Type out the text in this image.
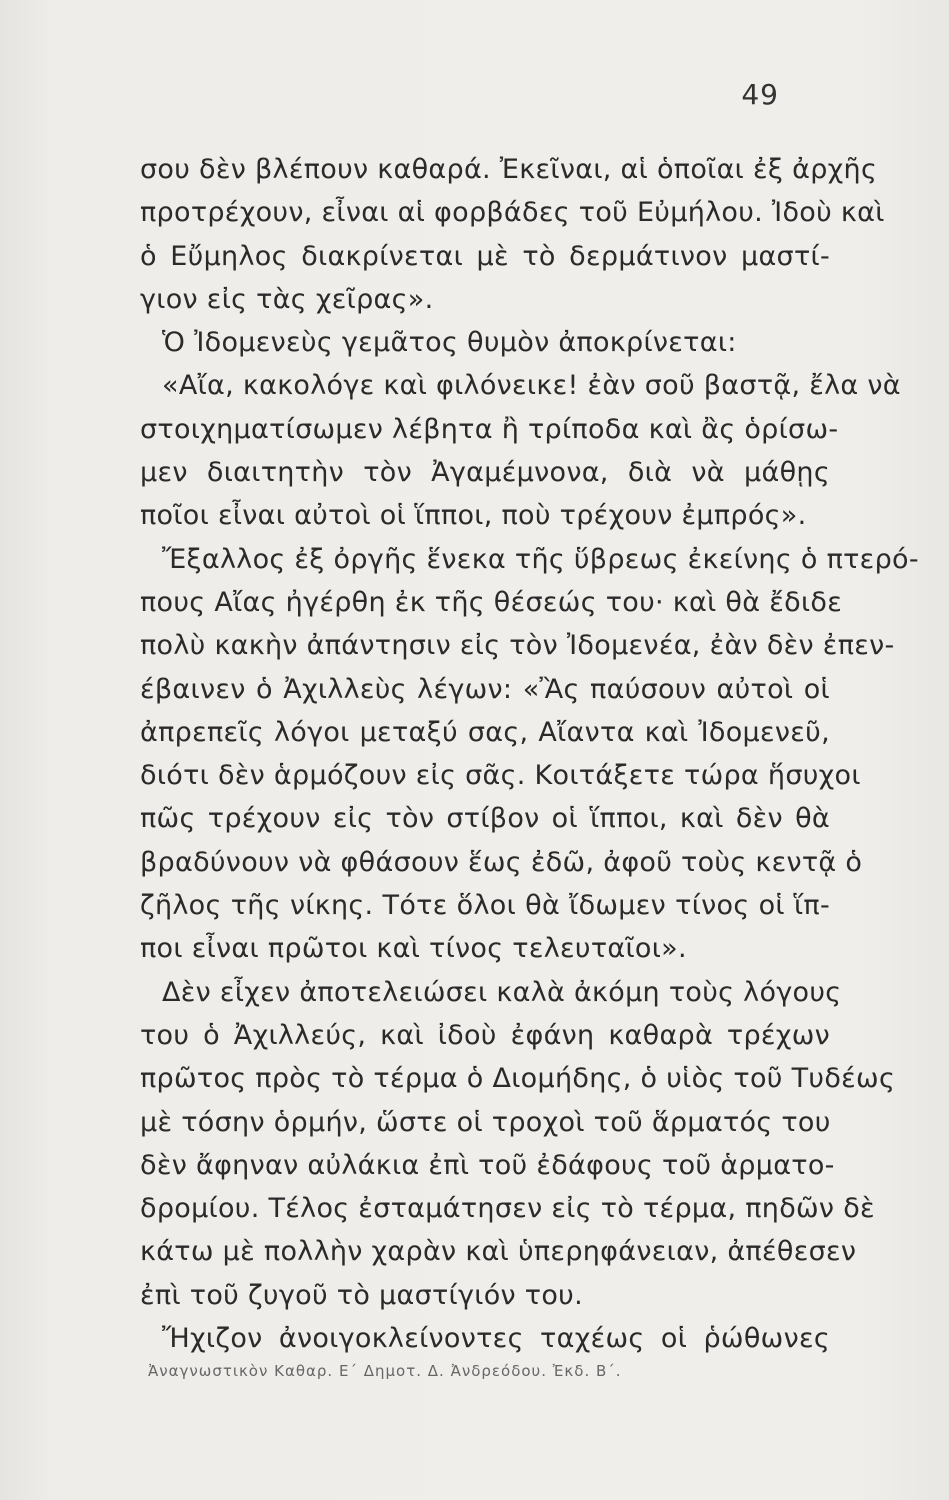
49
σου δὲν βλέπουν καθαρά. Ἐκεῖναι, αἱ ὁποῖαι ἐξ ἀρχῆς
προτρέχουν, εἶναι αἱ φορβάδες τοῦ Εὐμήλου. Ἰδοὺ καὶ
ὁ Εὔμηλος διακρίνεται μὲ τὸ δερμάτινον μαστί-
γιον εἰς τὰς χεῖρας».
Ὁ Ἰδομενεὺς γεμᾶτος θυμὸν ἀποκρίνεται:
«Αἴα, κακολόγε καὶ φιλόνεικε! ἐὰν σοῦ βαστᾷ, ἔλα νὰ
στοιχηματίσωμεν λέβητα ἢ τρίποδα καὶ ἂς ὁρίσω-
μεν διαιτητὴν τὸν Ἀγαμέμνονα, διὰ νὰ μάθῃς
ποῖοι εἶναι αὐτοὶ οἱ ἵπποι, ποὺ τρέχουν ἐμπρός».
Ἔξαλλος ἐξ ὀργῆς ἕνεκα τῆς ὕβρεως ἐκείνης ὁ πτερό-
πους Αἴας ἠγέρθη ἐκ τῆς θέσεώς του· καὶ θὰ ἔδιδε
πολὺ κακὴν ἀπάντησιν εἰς τὸν Ἰδομενέα, ἐὰν δὲν ἐπεν-
έβαινεν ὁ Ἀχιλλεὺς λέγων: «Ἂς παύσουν αὐτοὶ οἱ
ἀπρεπεῖς λόγοι μεταξύ σας, Αἴαντα καὶ Ἰδομενεῦ,
διότι δὲν ἁρμόζουν εἰς σᾶς. Κοιτάξετε τώρα ἥσυχοι
πῶς τρέχουν εἰς τὸν στίβον οἱ ἵπποι, καὶ δὲν θὰ
βραδύνουν νὰ φθάσουν ἕως ἐδῶ, ἀφοῦ τοὺς κεντᾷ ὁ
ζῆλος τῆς νίκης. Τότε ὅλοι θὰ ἴδωμεν τίνος οἱ ἵπ-
ποι εἶναι πρῶτοι καὶ τίνος τελευταῖοι».
Δὲν εἶχεν ἀποτελειώσει καλὰ ἀκόμη τοὺς λόγους
του ὁ Ἀχιλλεύς, καὶ ἰδοὺ ἐφάνη καθαρὰ τρέχων
πρῶτος πρὸς τὸ τέρμα ὁ Διομήδης, ὁ υἱὸς τοῦ Τυδέως
μὲ τόσην ὁρμήν, ὥστε οἱ τροχοὶ τοῦ ἅρματός του
δὲν ἄφηναν αὐλάκια ἐπὶ τοῦ ἐδάφους τοῦ ἁρματο-
δρομίου. Τέλος ἐσταμάτησεν εἰς τὸ τέρμα, πηδῶν δὲ
κάτω μὲ πολλὴν χαρὰν καὶ ὑπερηφάνειαν, ἀπέθεσεν
ἐπὶ τοῦ ζυγοῦ τὸ μαστίγιόν του.
Ἤχιζον ἀνοιγοκλείνοντες ταχέως οἱ ῥώθωνες
Ἀναγνωστικὸν Καθαρ. Ε΄ Δημοτ. Δ. Ἀνδρεόδου. Ἐκδ. Β΄.
